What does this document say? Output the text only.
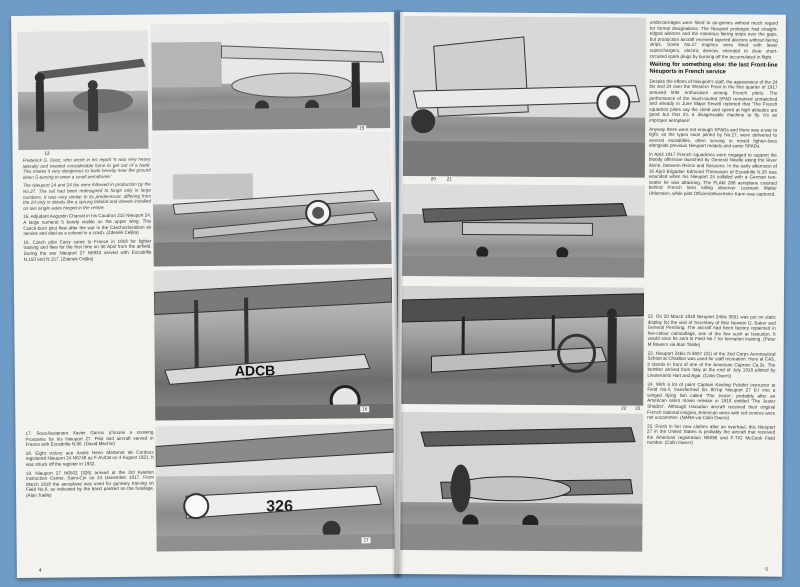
13
15

Frederick G. Dietz, who wrote in his report 'It was very heavy laterally and needed considerable force to get out of a bank. This makes it very dangerous to bank heavily near the ground when S-turning to enter a small aerodrome.'

The Nieuport 24 and 24 bis were followed in production by the No.27. The tail had been redesigned to hinge only in large numbers. It was very similar to its predecessor, differing from the 24 only in details like a sprung tailskid and wheels installed on two single axles hinged in the centre.

16. Adjudant Augustin Charvat in his Caudron 215 Nieuport 24. A large numeral 5 barely visible on the upper wing. This Czech-born pilot flew after the war in the Czechoslovakian air service and died as a colonel in a crash. (Zdenek Celjka)

16. Czech pilot Carry came to France in 1918 for fighter training and flew for the first time on 30 April from the airfield. During the war Nieuport 27 N5933 served with Escadrille N.150 and N.157. (Zdenek Celjka)

ADCB
16

17. Sous-lieutenant Xavier Garros (choose a snowing Proscenio for his Nieuport 27. Pilot and aircraft served in France with Escadrille N.90. (David Mechin)

18. Eight victory ace André Henri Martenot de Cordoux registered Nieuport 24 N6748 as F-AUCB on 4 August 1921. It was struck off the register in 1932.

19. Nieuport 27 N6502 (326) arrived at the 3rd Aviation Instruction Center, Saint-Cyr on 24 December 1917. From March 1918 the aeroplane was used for gunnery training on Field No.8, as indicated by the band painted on the fuselage. (Alan Toelle)

326
17
4

undercarriages were fitted to air-gemes without much regard for formal designations. The Nieuport prototype had straight-edged ailerons and the notorious fairing strips over the gaps, but production aircraft received tapered ailerons without fairing strips. Some No.27 engines were fitted with lower superchargers, electric devices intended to clear short-circuited spark plugs by burning off the accumulated in flight.

Waiting for something else: the last Front-line Nieuports in French service

Despite the efforts of Nieuport's staff, the appearance of the 24 bis and 24 over the Western Front in the first quarter of 1917 aroused little enthusiasm among French pilots. The performance of the much-touted SPAD remained unmatched and already in June Major Sewell reported that 'The French squadron pilots say the climb and speed at high altitudes are good but that it's a disagreeable machine to fly. It's an improper aeroplane'.

Anyway there were not enough SPADs and there was a war to fight, so the types soon joined by No.27, were delivered to several escadrilles, often serving in mixed fighter-lines alongside previous Nieuport models and some SPADs.

In April 1917 French squadrons were engaged to support the bloody offensive launched by General Nivelle along the River Aisne, between Reims and Soissons. In the early afternoon of 16 April Brigadier Edmond Thomassin of Escadrille N.26 was wounded when his Nieuport 24 collided with a German two-seater he was attacking. The FLAbt 288 aeroplane crashed behind French lines killing observer Leutnant Walter Uhlemann, while pilot Offizierstellvertreter Karm was captured.

20	21

22. On 20 March 1918 Nieuport 24bis 3651 was put on static display for the visit of Secretary of War Newton D. Baker and General Pershing. The aircraft had been factory repainted in five-colour camouflage, one of the few such at Issoudun. It would soon be sent to Field No.7 for formation training. (Peter M Bowers via Alan Toelle)

23. Nieuport 24bis N.3657 (31) of the 2nd Corps Aeronautical School at Chatillon was used for staff recreation. Here at CAS, it stands in front of one of the American Caproni Ca.3s. The bomber arrived from Italy at the end of July 1918 piloted by Lieutenants Hart and Agar. (Colin Owers)

24. With a lot of paint Captain Keeling Pulsifer instructor at Field No.4, transformed his 80-hp Nieuport 27 B.I into a winged flying fish called 'The Jester', probably after an American silent movie release in 1918 entitled 'The Jester Shadrin'. Although Issoudun aircraft received their original French national insignia, American wires with red centres were not uncommon. (NARA via Colin Owers)

25. Fresh in her new clothes after an overhaul, this Nieuport 27 in the United States is probably the aircraft that received the American registration N6098 and F-TIG McCook Field number. (Colin Owers)

22	23
5
